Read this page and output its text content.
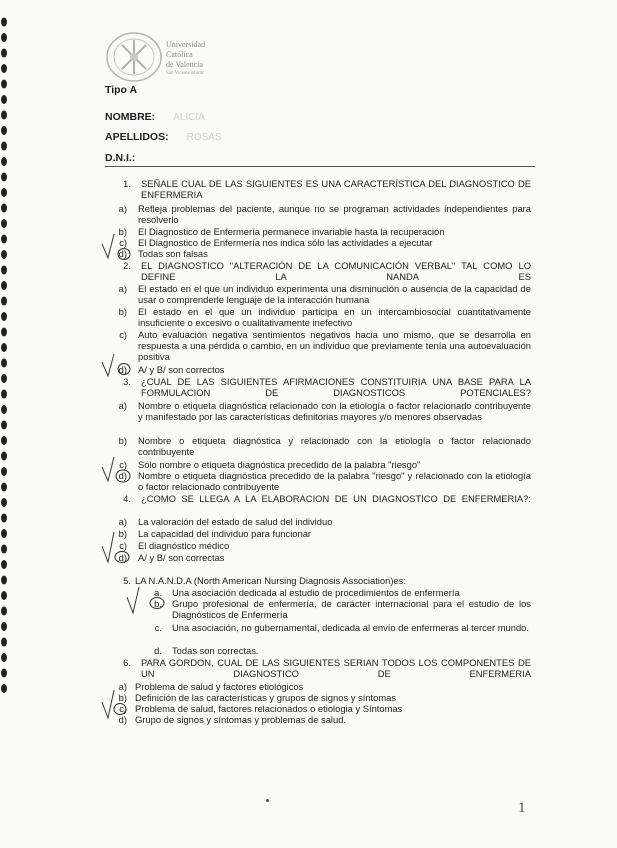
Universidad
Católica
de Valencia
San Vicente Mártir
Tipo A
NOMBRE: ALICIA
APELLIDOS: ROSAS
D.N.I.:
1. SEÑALE CUAL DE LAS SIGUIENTES ES UNA CARACTERÍSTICA DEL DIAGNOSTICO DE ENFERMERIA
a) Refleja problemas del paciente, aunque no se programan actividades independientes para resolverlo
b) El Diagnostico de Enfermería permanece invariable hasta la recuperación
c) El Diagnostico de Enfermería nos indica sólo las actividades a ejecutar
d) Todas son falsas
2. EL DIAGNOSTICO "ALTERACIÓN DE LA COMUNICACIÓN VERBAL" TAL COMO LO DEFINE LA NANDA ES
a) El estado en el que un individuo experimenta una disminución o ausencia de la capacidad de usar o comprenderle lenguaje de la interacción humana
b) El estado en el que un individuo participa en un intercambiosocial cuantitativamente insuficiente o excesivo o cualitativamente inefectivo
c) Auto evaluación negativa sentimientos negativos hacia uno mismo, que se desarrolla en respuesta a una pérdida o cambio, en un individuo que previamente tenía una autoevaluación positiva
d) A/ y B/ son correctos
3. ¿CUAL DE LAS SIGUIENTES AFIRMACIONES CONSTITUIRIA UNA BASE PARA LA FORMULACION DE DIAGNOSTICOS POTENCIALES?
a) Nombre o etiqueta diagnóstica relacionado con la etiología o factor relacionado contribuyente y manifestado por las características definitorias mayores y/o menores observadas
b) Nombre o etiqueta diagnóstica y relacionado con la etiología o factor relacionado contribuyente
c) Sólo nombre o etiqueta diagnóstica precedido de la palabra "riesgo"
d) Nombre o etiqueta diagnóstica precedido de la palabra "riesgo" y relacionado con la etiología o factor relacionado contribuyente
4. ¿COMO SE LLEGA A LA ELABORACION DE UN DIAGNOSTICO DE ENFERMERIA?:
a) La valoración del estado de salud del individuo
b) La capacidad del individuo para funcionar
c) El diagnóstico médico
d) A/ y B/ son correctas
5. LA N.A.N.D.A (North American Nursing Diagnosis Association)es:
a. Una asociación dedicada al estudio de procedimientos de enfermería
b. Grupo profesional de enfermería, de carácter internacional para el estudio de los Diagnósticos de Enfermería
c. Una asociación, no gubernamental, dedicada al envío de enfermeras al tercer mundo.
d. Todas son correctas.
6. PARA GORDON, CUAL DE LAS SIGUIENTES SERIAN TODOS LOS COMPONENTES DE UN DIAGNOSTICO DE ENFERMERIA
a) Problema de salud y factores etiológicos
b) Definición de las características y grupos de signos y síntomas
c) Problema de salud, factores relacionados o etiologia y Síntomas
d) Grupo de signos y síntomas y problemas de salud.
1
